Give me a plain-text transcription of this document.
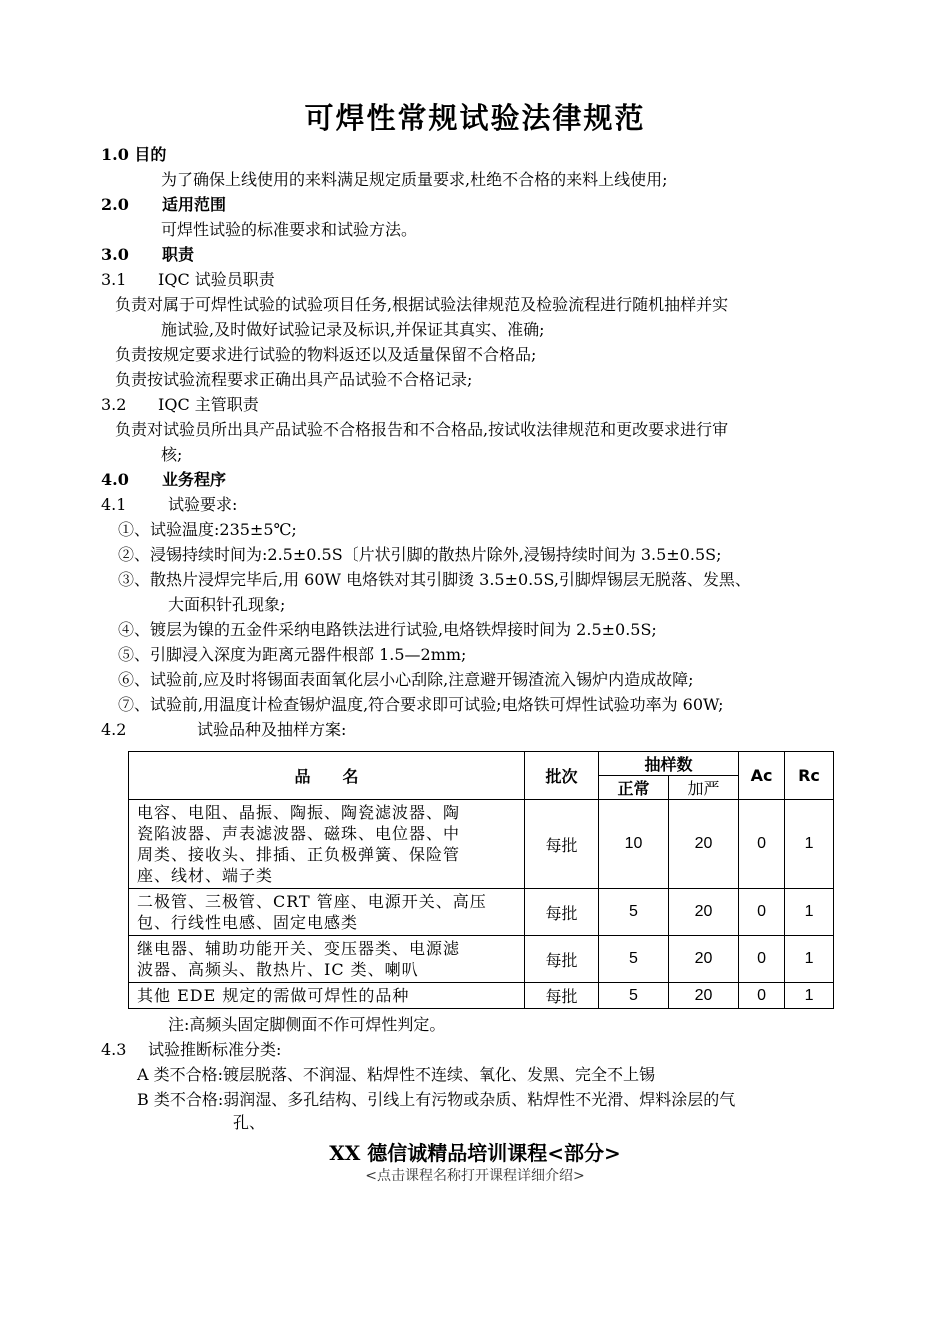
可焊性常规试验法律规范
1.0 目的
为了确保上线使用的来料满足规定质量要求,杜绝不合格的来料上线使用;
2.0 适用范围
可焊性试验的标准要求和试验方法。
3.0 职责
3.1 IQC 试验员职责
负责对属于可焊性试验的试验项目任务,根据试验法律规范及检验流程进行随机抽样并实
施试验,及时做好试验记录及标识,并保证其真实、准确;
负责按规定要求进行试验的物料返还以及适量保留不合格品;
负责按试验流程要求正确出具产品试验不合格记录;
3.2 IQC 主管职责
负责对试验员所出具产品试验不合格报告和不合格品,按试收法律规范和更改要求进行审
核;
4.0 业务程序
4.1	试验要求:
①、试验温度:235±5℃;
②、浸锡持续时间为:2.5±0.5S〔片状引脚的散热片除外,浸锡持续时间为 3.5±0.5S;
③、散热片浸焊完毕后,用 60W 电烙铁对其引脚烫 3.5±0.5S,引脚焊锡层无脱落、发黑、
大面积针孔现象;
④、镀层为镍的五金件采纳电路铁法进行试验,电烙铁焊接时间为 2.5±0.5S;
⑤、引脚浸入深度为距离元器件根部 1.5—2mm;
⑥、试验前,应及时将锡面表面氧化层小心刮除,注意避开锡渣流入锡炉内造成故障;
⑦、试验前,用温度计检查锡炉温度,符合要求即可试验;电烙铁可焊性试验功率为 60W;
4.2	试验品种及抽样方案:
品　　名	批次	抽样数		Ac	Rc
		正常	加严		

电容、电阻、晶振、陶振、陶瓷滤波器、陶
瓷陷波器、声表滤波器、磁珠、电位器、中
周类、接收头、排插、正负极弹簧、保险管
座、线材、端子类	每批	10	20	0	1

二极管、三极管、CRT 管座、电源开关、高压
包、行线性电感、固定电感类	每批	5	20	0	1

继电器、辅助功能开关、变压器类、电源滤
波器、高频头、散热片、IC 类、喇叭	每批	5	20	0	1

其他 EDE 规定的需做可焊性的品种	每批	5	20	0	1
注:高频头固定脚侧面不作可焊性判定。
4.3 试验推断标准分类:
A 类不合格:镀层脱落、不润湿、粘焊性不连续、氧化、发黑、完全不上锡
B 类不合格:弱润湿、多孔结构、引线上有污物或杂质、粘焊性不光滑、焊料涂层的气
孔、
XX 德信诚精品培训课程<部分>
<点击课程名称打开课程详细介绍>
